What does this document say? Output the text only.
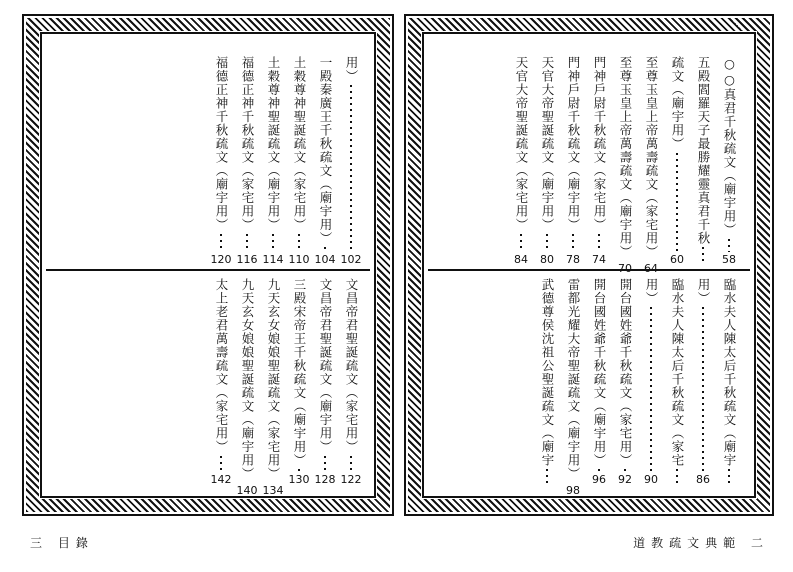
用）
102
一殿秦廣王千秋疏文（廟宇用）
104
土穀尊神聖誕疏文（家宅用）
110
土穀尊神聖誕疏文（廟宇用）
114
福德正神千秋疏文（家宅用）
116
福德正神千秋疏文（廟宇用）
120
文昌帝君聖誕疏文（家宅用）
122
文昌帝君聖誕疏文（廟宇用）
128
三殿宋帝王千秋疏文（廟宇用）
130
九天玄女娘娘聖誕疏文（家宅用）
134
九天玄女娘娘聖誕疏文（廟宇用）
140
太上老君萬壽疏文（家宅用）
142
○○真君千秋疏文（廟宇用）
58
五殿閻羅天子最勝耀靈真君千秋
疏文（廟宇用）
60
至尊玉皇上帝萬壽疏文（家宅用）
64
至尊玉皇上帝萬壽疏文（廟宇用）
70
門神戶尉千秋疏文（家宅用）
74
門神戶尉千秋疏文（廟宇用）
78
天官大帝聖誕疏文（廟宇用）
80
天官大帝聖誕疏文（家宅用）
84
臨水夫人陳太后千秋疏文（廟宇
用）
86
臨水夫人陳太后千秋疏文（家宅
用）
90
開台國姓爺千秋疏文（家宅用）
92
開台國姓爺千秋疏文（廟宇用）
96
雷都光耀大帝聖誕疏文（廟宇用）
98
武德尊侯沈祖公聖誕疏文（廟宇
三 目錄	道教疏文典範 二
